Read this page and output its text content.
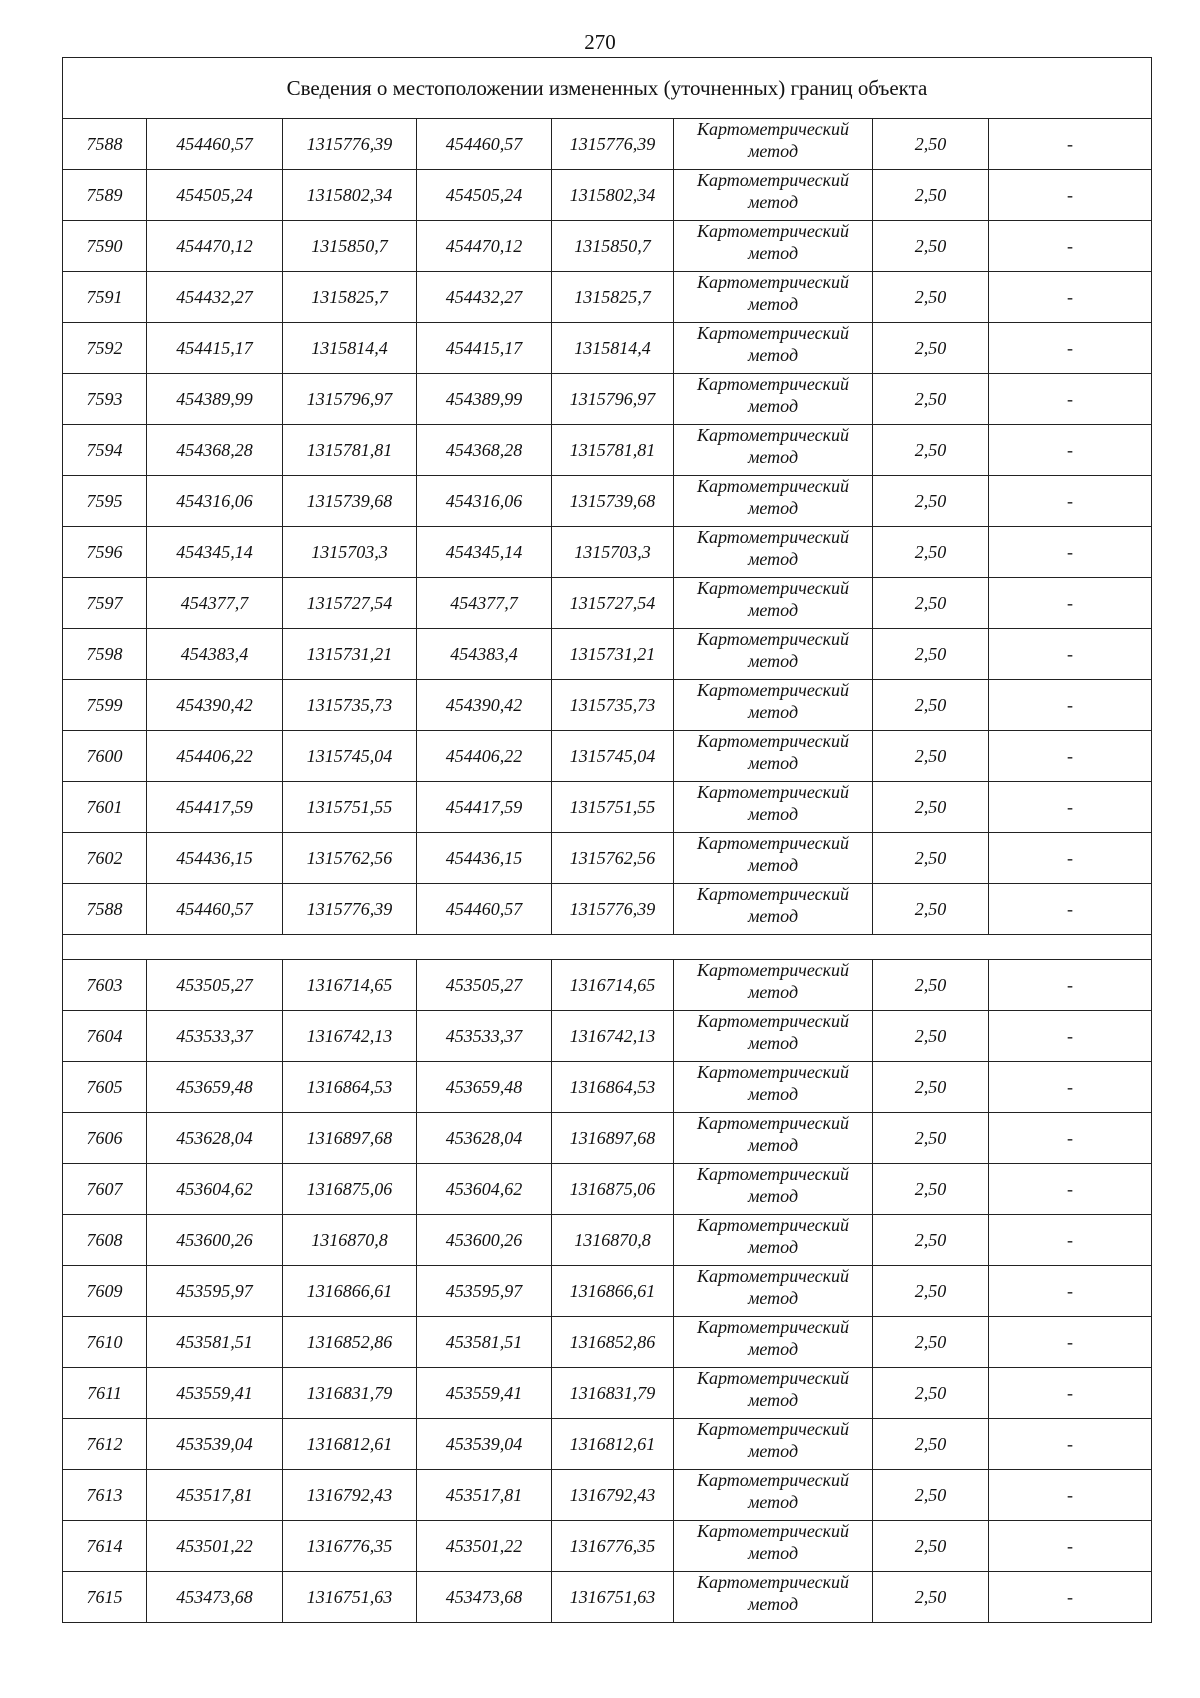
270
Сведения о местоположении измененных (уточненных) границ объекта							
7588	454460,57	1315776,39	454460,57	1315776,39	Картометрический метод	2,50	-
7589	454505,24	1315802,34	454505,24	1315802,34	Картометрический метод	2,50	-
7590	454470,12	1315850,7	454470,12	1315850,7	Картометрический метод	2,50	-
7591	454432,27	1315825,7	454432,27	1315825,7	Картометрический метод	2,50	-
7592	454415,17	1315814,4	454415,17	1315814,4	Картометрический метод	2,50	-
7593	454389,99	1315796,97	454389,99	1315796,97	Картометрический метод	2,50	-
7594	454368,28	1315781,81	454368,28	1315781,81	Картометрический метод	2,50	-
7595	454316,06	1315739,68	454316,06	1315739,68	Картометрический метод	2,50	-
7596	454345,14	1315703,3	454345,14	1315703,3	Картометрический метод	2,50	-
7597	454377,7	1315727,54	454377,7	1315727,54	Картометрический метод	2,50	-
7598	454383,4	1315731,21	454383,4	1315731,21	Картометрический метод	2,50	-
7599	454390,42	1315735,73	454390,42	1315735,73	Картометрический метод	2,50	-
7600	454406,22	1315745,04	454406,22	1315745,04	Картометрический метод	2,50	-
7601	454417,59	1315751,55	454417,59	1315751,55	Картометрический метод	2,50	-
7602	454436,15	1315762,56	454436,15	1315762,56	Картометрический метод	2,50	-
7588	454460,57	1315776,39	454460,57	1315776,39	Картометрический метод	2,50	-

7603	453505,27	1316714,65	453505,27	1316714,65	Картометрический метод	2,50	-
7604	453533,37	1316742,13	453533,37	1316742,13	Картометрический метод	2,50	-
7605	453659,48	1316864,53	453659,48	1316864,53	Картометрический метод	2,50	-
7606	453628,04	1316897,68	453628,04	1316897,68	Картометрический метод	2,50	-
7607	453604,62	1316875,06	453604,62	1316875,06	Картометрический метод	2,50	-
7608	453600,26	1316870,8	453600,26	1316870,8	Картометрический метод	2,50	-
7609	453595,97	1316866,61	453595,97	1316866,61	Картометрический метод	2,50	-
7610	453581,51	1316852,86	453581,51	1316852,86	Картометрический метод	2,50	-
7611	453559,41	1316831,79	453559,41	1316831,79	Картометрический метод	2,50	-
7612	453539,04	1316812,61	453539,04	1316812,61	Картометрический метод	2,50	-
7613	453517,81	1316792,43	453517,81	1316792,43	Картометрический метод	2,50	-
7614	453501,22	1316776,35	453501,22	1316776,35	Картометрический метод	2,50	-
7615	453473,68	1316751,63	453473,68	1316751,63	Картометрический метод	2,50	-
